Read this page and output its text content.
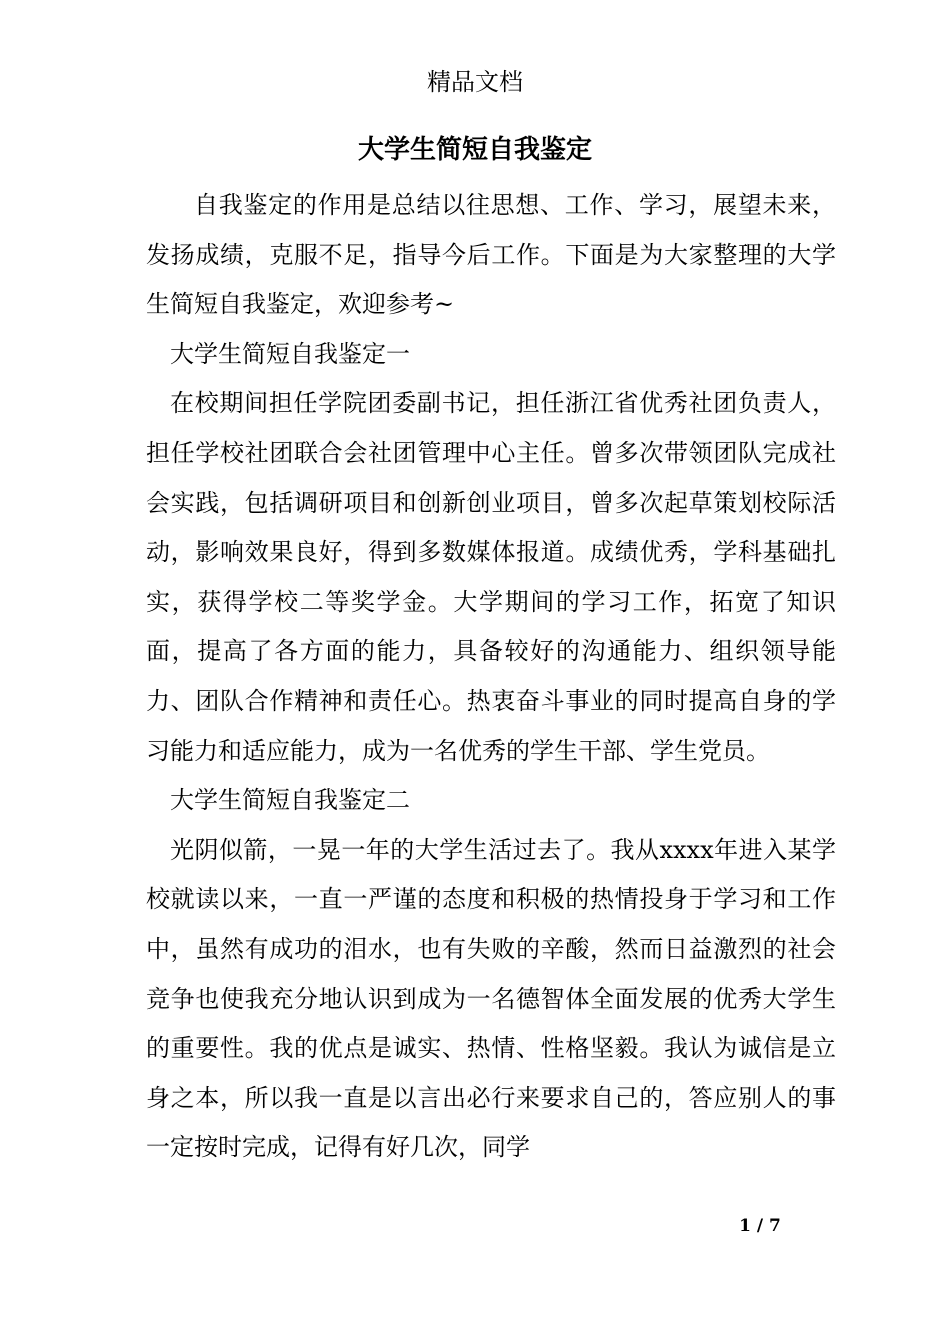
精品文档
大学生简短自我鉴定

自我鉴定的作用是总结以往思想、工作、学习，展望未来，发扬成绩，克服不足，指导今后工作。下面是为大家整理的大学生简短自我鉴定，欢迎参考~

大学生简短自我鉴定一

在校期间担任学院团委副书记，担任浙江省优秀社团负责人，担任学校社团联合会社团管理中心主任。曾多次带领团队完成社会实践，包括调研项目和创新创业项目，曾多次起草策划校际活动，影响效果良好，得到多数媒体报道。成绩优秀，学科基础扎实，获得学校二等奖学金。大学期间的学习工作，拓宽了知识面，提高了各方面的能力，具备较好的沟通能力、组织领导能力、团队合作精神和责任心。热衷奋斗事业的同时提高自身的学习能力和适应能力，成为一名优秀的学生干部、学生党员。

大学生简短自我鉴定二

光阴似箭，一晃一年的大学生活过去了。我从xxxx年进入某学校就读以来，一直一严谨的态度和积极的热情投身于学习和工作中，虽然有成功的泪水，也有失败的辛酸，然而日益激烈的社会竞争也使我充分地认识到成为一名德智体全面发展的优秀大学生的重要性。我的优点是诚实、热情、性格坚毅。我认为诚信是立身之本，所以我一直是以言出必行来要求自己的，答应别人的事一定按时完成，记得有好几次，同学

1 / 7
